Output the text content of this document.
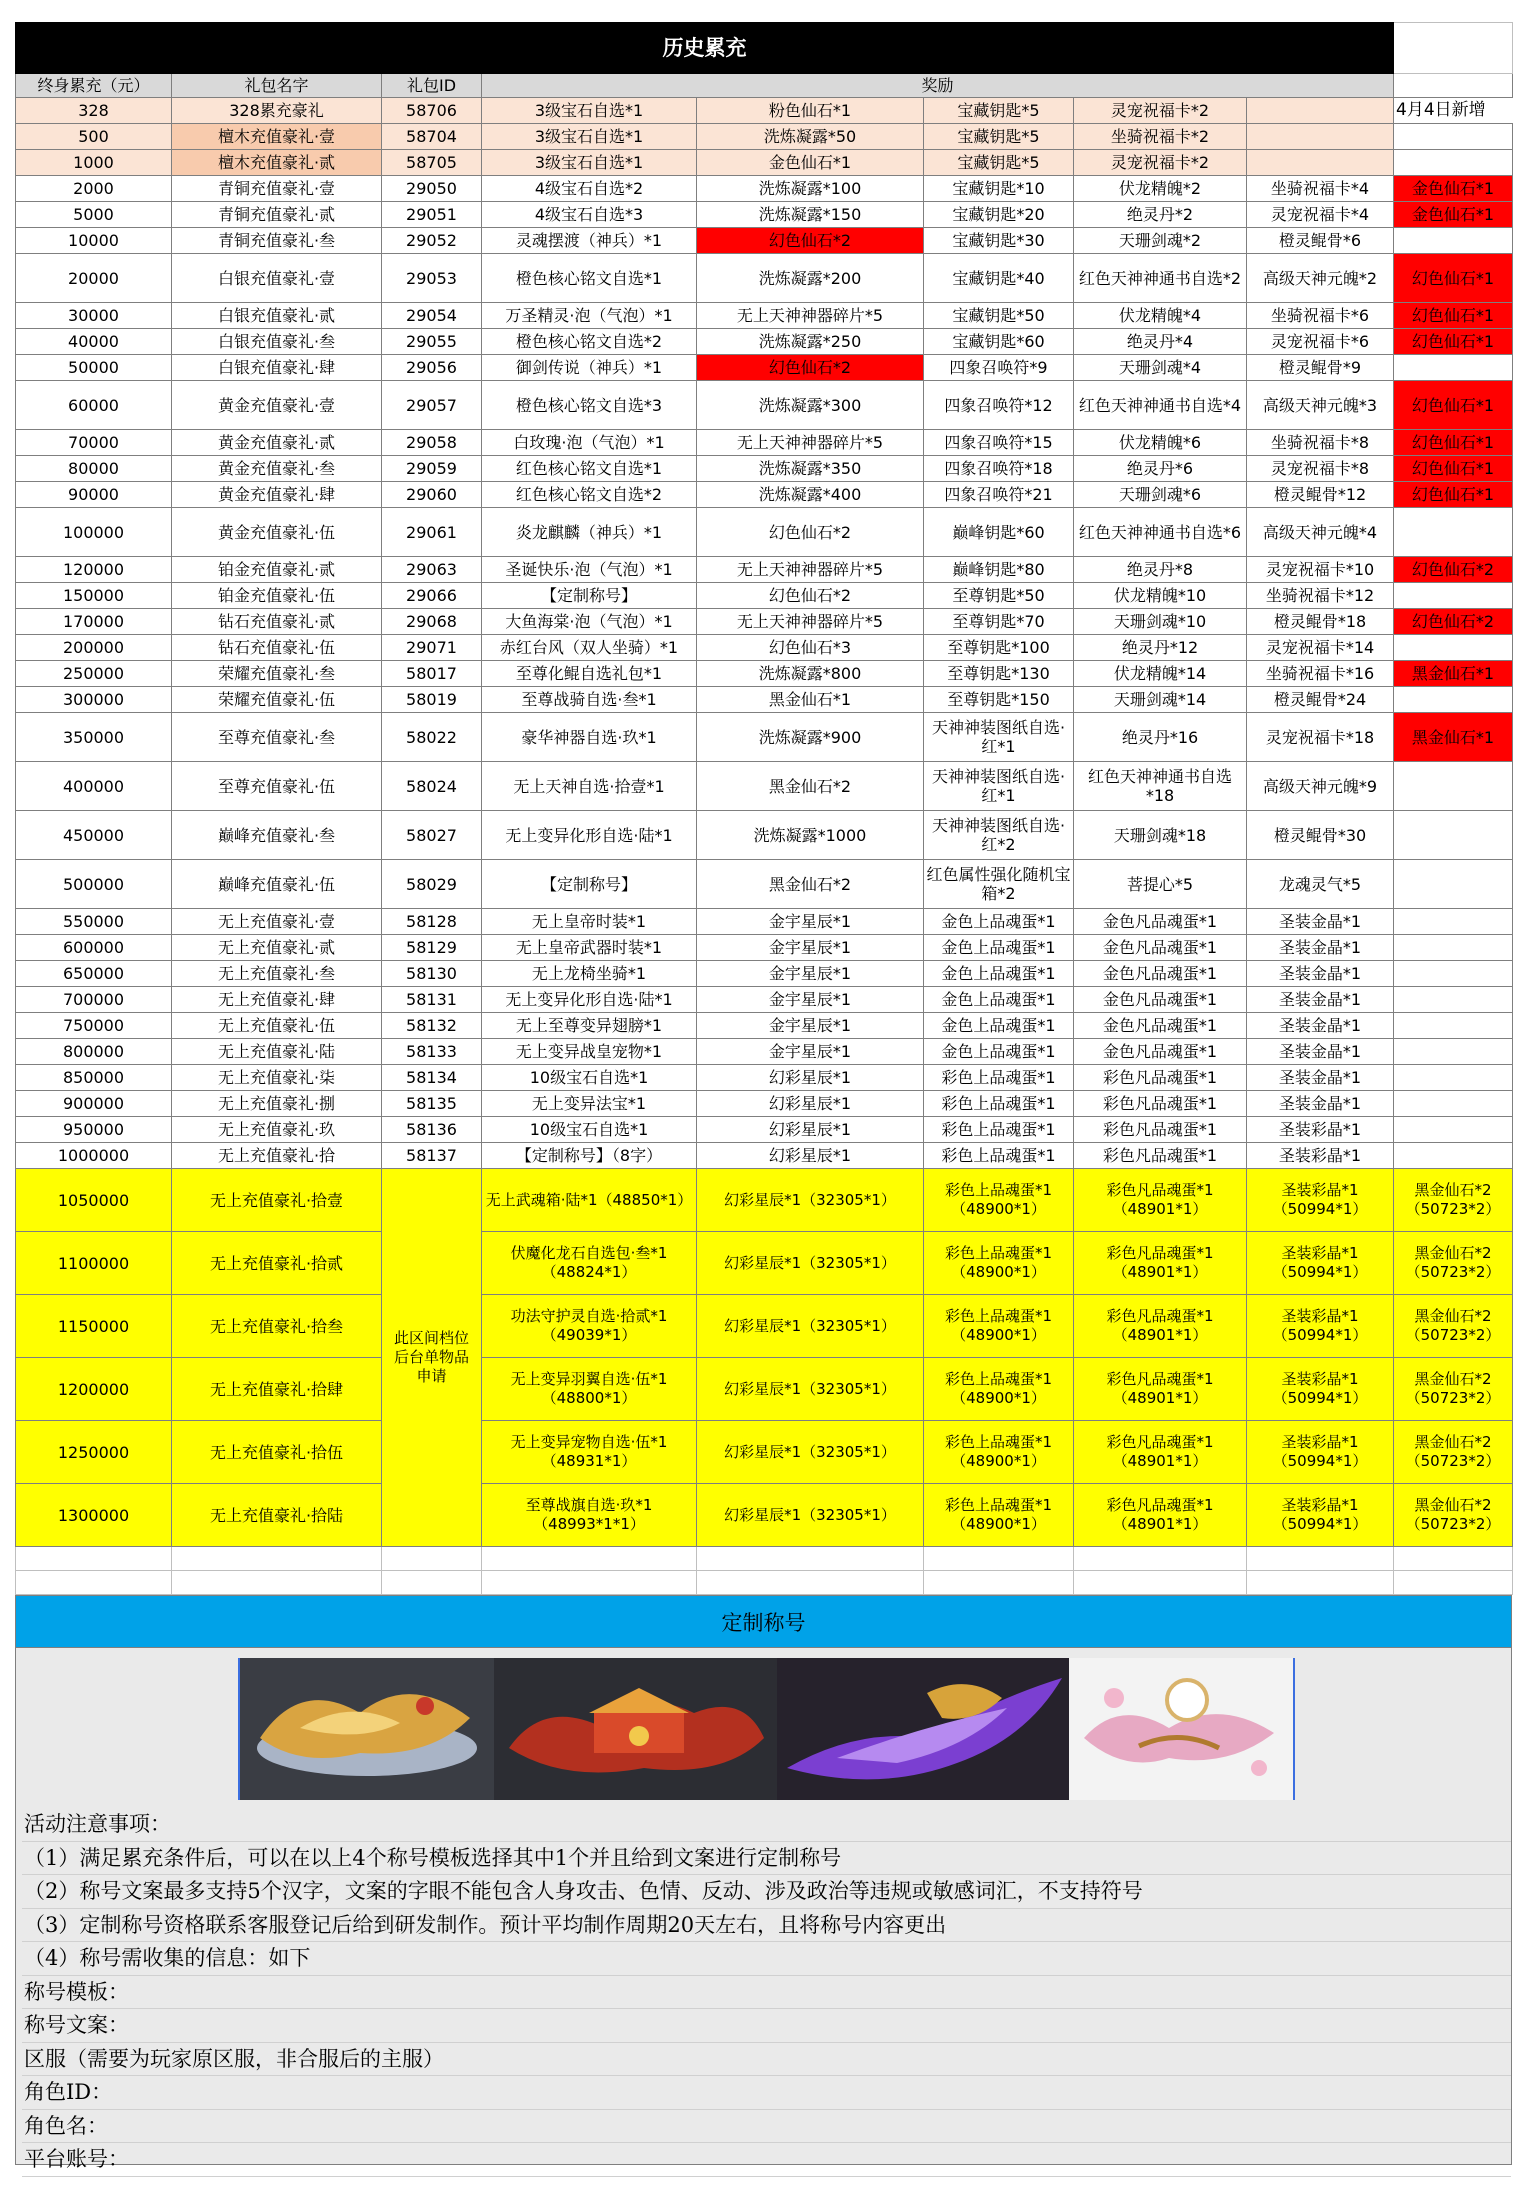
历史累充								
终身累充（元）	礼包名字	礼包ID	奖励					
328	328累充豪礼	58706	3级宝石自选*1	粉色仙石*1	宝藏钥匙*5	灵宠祝福卡*2		4月4日新增
500	檀木充值豪礼·壹	58704	3级宝石自选*1	洗炼凝露*50	宝藏钥匙*5	坐骑祝福卡*2		
1000	檀木充值豪礼·贰	58705	3级宝石自选*1	金色仙石*1	宝藏钥匙*5	灵宠祝福卡*2		
2000	青铜充值豪礼·壹	29050	4级宝石自选*2	洗炼凝露*100	宝藏钥匙*10	伏龙精魄*2	坐骑祝福卡*4	金色仙石*1
5000	青铜充值豪礼·贰	29051	4级宝石自选*3	洗炼凝露*150	宝藏钥匙*20	绝灵丹*2	灵宠祝福卡*4	金色仙石*1
10000	青铜充值豪礼·叁	29052	灵魂摆渡（神兵）*1	幻色仙石*2	宝藏钥匙*30	天珊剑魂*2	橙灵鲲骨*6	
20000	白银充值豪礼·壹	29053	橙色核心铭文自选*1	洗炼凝露*200	宝藏钥匙*40	红色天神神通书自选*2	高级天神元魄*2	幻色仙石*1
30000	白银充值豪礼·贰	29054	万圣精灵·泡（气泡）*1	无上天神神器碎片*5	宝藏钥匙*50	伏龙精魄*4	坐骑祝福卡*6	幻色仙石*1
40000	白银充值豪礼·叁	29055	橙色核心铭文自选*2	洗炼凝露*250	宝藏钥匙*60	绝灵丹*4	灵宠祝福卡*6	幻色仙石*1
50000	白银充值豪礼·肆	29056	御剑传说（神兵）*1	幻色仙石*2	四象召唤符*9	天珊剑魂*4	橙灵鲲骨*9	
60000	黄金充值豪礼·壹	29057	橙色核心铭文自选*3	洗炼凝露*300	四象召唤符*12	红色天神神通书自选*4	高级天神元魄*3	幻色仙石*1
70000	黄金充值豪礼·贰	29058	白玫瑰·泡（气泡）*1	无上天神神器碎片*5	四象召唤符*15	伏龙精魄*6	坐骑祝福卡*8	幻色仙石*1
80000	黄金充值豪礼·叁	29059	红色核心铭文自选*1	洗炼凝露*350	四象召唤符*18	绝灵丹*6	灵宠祝福卡*8	幻色仙石*1
90000	黄金充值豪礼·肆	29060	红色核心铭文自选*2	洗炼凝露*400	四象召唤符*21	天珊剑魂*6	橙灵鲲骨*12	幻色仙石*1
100000	黄金充值豪礼·伍	29061	炎龙麒麟（神兵）*1	幻色仙石*2	巅峰钥匙*60	红色天神神通书自选*6	高级天神元魄*4	
120000	铂金充值豪礼·贰	29063	圣诞快乐·泡（气泡）*1	无上天神神器碎片*5	巅峰钥匙*80	绝灵丹*8	灵宠祝福卡*10	幻色仙石*2
150000	铂金充值豪礼·伍	29066	【定制称号】	幻色仙石*2	至尊钥匙*50	伏龙精魄*10	坐骑祝福卡*12	
170000	钻石充值豪礼·贰	29068	大鱼海棠·泡（气泡）*1	无上天神神器碎片*5	至尊钥匙*70	天珊剑魂*10	橙灵鲲骨*18	幻色仙石*2
200000	钻石充值豪礼·伍	29071	赤红台风（双人坐骑）*1	幻色仙石*3	至尊钥匙*100	绝灵丹*12	灵宠祝福卡*14	
250000	荣耀充值豪礼·叁	58017	至尊化鲲自选礼包*1	洗炼凝露*800	至尊钥匙*130	伏龙精魄*14	坐骑祝福卡*16	黑金仙石*1
300000	荣耀充值豪礼·伍	58019	至尊战骑自选·叁*1	黑金仙石*1	至尊钥匙*150	天珊剑魂*14	橙灵鲲骨*24	
350000	至尊充值豪礼·叁	58022	豪华神器自选·玖*1	洗炼凝露*900	天神神装图纸自选·红*1	绝灵丹*16	灵宠祝福卡*18	黑金仙石*1
400000	至尊充值豪礼·伍	58024	无上天神自选·拾壹*1	黑金仙石*2	天神神装图纸自选·红*1	红色天神神通书自选*18	高级天神元魄*9	
450000	巅峰充值豪礼·叁	58027	无上变异化形自选·陆*1	洗炼凝露*1000	天神神装图纸自选·红*2	天珊剑魂*18	橙灵鲲骨*30	
500000	巅峰充值豪礼·伍	58029	【定制称号】	黑金仙石*2	红色属性强化随机宝箱*2	菩提心*5	龙魂灵气*5	
550000	无上充值豪礼·壹	58128	无上皇帝时装*1	金宇星辰*1	金色上品魂蛋*1	金色凡品魂蛋*1	圣装金晶*1	
600000	无上充值豪礼·贰	58129	无上皇帝武器时装*1	金宇星辰*1	金色上品魂蛋*1	金色凡品魂蛋*1	圣装金晶*1	
650000	无上充值豪礼·叁	58130	无上龙椅坐骑*1	金宇星辰*1	金色上品魂蛋*1	金色凡品魂蛋*1	圣装金晶*1	
700000	无上充值豪礼·肆	58131	无上变异化形自选·陆*1	金宇星辰*1	金色上品魂蛋*1	金色凡品魂蛋*1	圣装金晶*1	
750000	无上充值豪礼·伍	58132	无上至尊变异翅膀*1	金宇星辰*1	金色上品魂蛋*1	金色凡品魂蛋*1	圣装金晶*1	
800000	无上充值豪礼·陆	58133	无上变异战皇宠物*1	金宇星辰*1	金色上品魂蛋*1	金色凡品魂蛋*1	圣装金晶*1	
850000	无上充值豪礼·柒	58134	10级宝石自选*1	幻彩星辰*1	彩色上品魂蛋*1	彩色凡品魂蛋*1	圣装金晶*1	
900000	无上充值豪礼·捌	58135	无上变异法宝*1	幻彩星辰*1	彩色上品魂蛋*1	彩色凡品魂蛋*1	圣装金晶*1	
950000	无上充值豪礼·玖	58136	10级宝石自选*1	幻彩星辰*1	彩色上品魂蛋*1	彩色凡品魂蛋*1	圣装彩晶*1	
1000000	无上充值豪礼·拾	58137	【定制称号】（8字）	幻彩星辰*1	彩色上品魂蛋*1	彩色凡品魂蛋*1	圣装彩晶*1	
1050000	无上充值豪礼·拾壹	此区间档位后台单物品申请	无上武魂箱·陆*1（48850*1）	幻彩星辰*1（32305*1）	彩色上品魂蛋*1（48900*1）	彩色凡品魂蛋*1（48901*1）	圣装彩晶*1（50994*1）	黑金仙石*2（50723*2）
1100000	无上充值豪礼·拾贰		伏魔化龙石自选包·叁*1（48824*1）	幻彩星辰*1（32305*1）	彩色上品魂蛋*1（48900*1）	彩色凡品魂蛋*1（48901*1）	圣装彩晶*1（50994*1）	黑金仙石*2（50723*2）
1150000	无上充值豪礼·拾叁		功法守护灵自选·拾贰*1（49039*1）	幻彩星辰*1（32305*1）	彩色上品魂蛋*1（48900*1）	彩色凡品魂蛋*1（48901*1）	圣装彩晶*1（50994*1）	黑金仙石*2（50723*2）
1200000	无上充值豪礼·拾肆		无上变异羽翼自选·伍*1（48800*1）	幻彩星辰*1（32305*1）	彩色上品魂蛋*1（48900*1）	彩色凡品魂蛋*1（48901*1）	圣装彩晶*1（50994*1）	黑金仙石*2（50723*2）
1250000	无上充值豪礼·拾伍		无上变异宠物自选·伍*1（48931*1）	幻彩星辰*1（32305*1）	彩色上品魂蛋*1（48900*1）	彩色凡品魂蛋*1（48901*1）	圣装彩晶*1（50994*1）	黑金仙石*2（50723*2）
1300000	无上充值豪礼·拾陆		至尊战旗自选·玖*1（48993*1*1）	幻彩星辰*1（32305*1）	彩色上品魂蛋*1（48900*1）	彩色凡品魂蛋*1（48901*1）	圣装彩晶*1（50994*1）	黑金仙石*2（50723*2）

定制称号
活动注意事项：
（1）满足累充条件后，可以在以上4个称号模板选择其中1个并且给到文案进行定制称号
（2）称号文案最多支持5个汉字，文案的字眼不能包含人身攻击、色情、反动、涉及政治等违规或敏感词汇，不支持符号
（3）定制称号资格联系客服登记后给到研发制作。预计平均制作周期20天左右，且将称号内容更出
（4）称号需收集的信息：如下
称号模板：
称号文案：
区服（需要为玩家原区服，非合服后的主服）
角色ID：
角色名：
平台账号：
